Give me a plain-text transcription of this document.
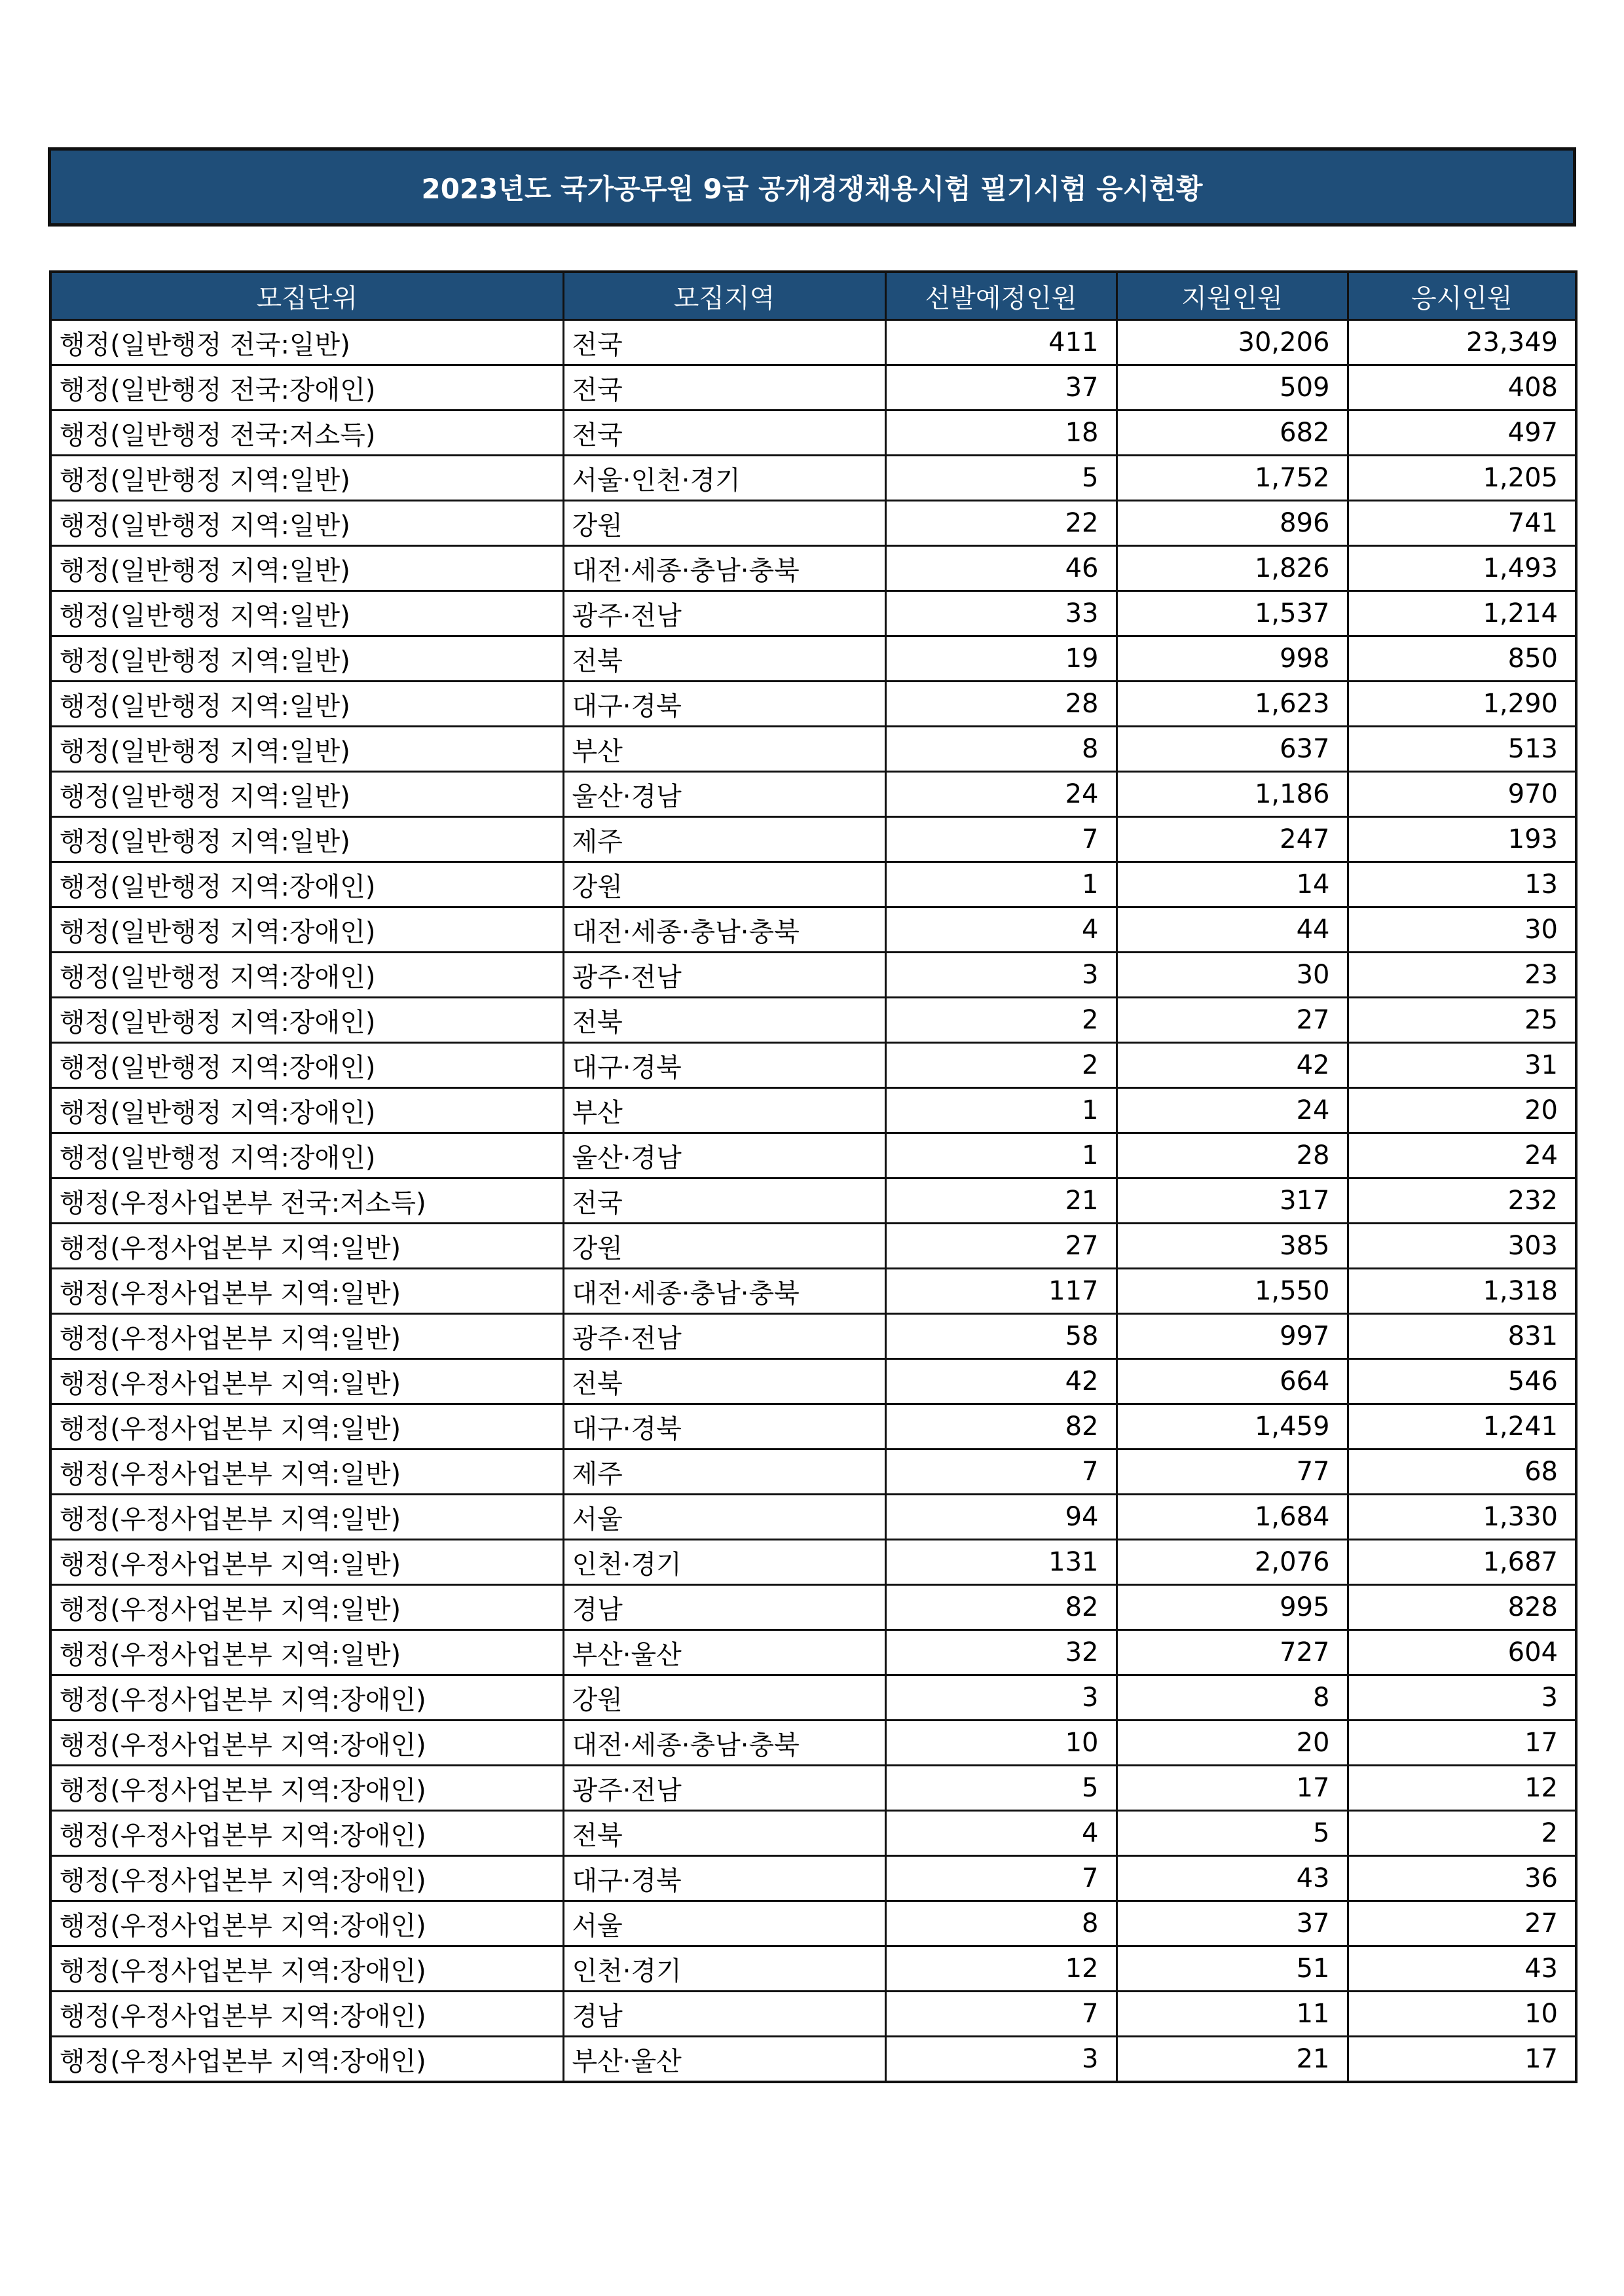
2023년도 국가공무원 9급 공개경쟁채용시험 필기시험 응시현황
모집단위	모집지역	선발예정인원	지원인원	응시인원
행정(일반행정 전국:일반)	전국	411	30,206	23,349
행정(일반행정 전국:장애인)	전국	37	509	408
행정(일반행정 전국:저소득)	전국	18	682	497
행정(일반행정 지역:일반)	서울·인천·경기	5	1,752	1,205
행정(일반행정 지역:일반)	강원	22	896	741
행정(일반행정 지역:일반)	대전·세종·충남·충북	46	1,826	1,493
행정(일반행정 지역:일반)	광주·전남	33	1,537	1,214
행정(일반행정 지역:일반)	전북	19	998	850
행정(일반행정 지역:일반)	대구·경북	28	1,623	1,290
행정(일반행정 지역:일반)	부산	8	637	513
행정(일반행정 지역:일반)	울산·경남	24	1,186	970
행정(일반행정 지역:일반)	제주	7	247	193
행정(일반행정 지역:장애인)	강원	1	14	13
행정(일반행정 지역:장애인)	대전·세종·충남·충북	4	44	30
행정(일반행정 지역:장애인)	광주·전남	3	30	23
행정(일반행정 지역:장애인)	전북	2	27	25
행정(일반행정 지역:장애인)	대구·경북	2	42	31
행정(일반행정 지역:장애인)	부산	1	24	20
행정(일반행정 지역:장애인)	울산·경남	1	28	24
행정(우정사업본부 전국:저소득)	전국	21	317	232
행정(우정사업본부 지역:일반)	강원	27	385	303
행정(우정사업본부 지역:일반)	대전·세종·충남·충북	117	1,550	1,318
행정(우정사업본부 지역:일반)	광주·전남	58	997	831
행정(우정사업본부 지역:일반)	전북	42	664	546
행정(우정사업본부 지역:일반)	대구·경북	82	1,459	1,241
행정(우정사업본부 지역:일반)	제주	7	77	68
행정(우정사업본부 지역:일반)	서울	94	1,684	1,330
행정(우정사업본부 지역:일반)	인천·경기	131	2,076	1,687
행정(우정사업본부 지역:일반)	경남	82	995	828
행정(우정사업본부 지역:일반)	부산·울산	32	727	604
행정(우정사업본부 지역:장애인)	강원	3	8	3
행정(우정사업본부 지역:장애인)	대전·세종·충남·충북	10	20	17
행정(우정사업본부 지역:장애인)	광주·전남	5	17	12
행정(우정사업본부 지역:장애인)	전북	4	5	2
행정(우정사업본부 지역:장애인)	대구·경북	7	43	36
행정(우정사업본부 지역:장애인)	서울	8	37	27
행정(우정사업본부 지역:장애인)	인천·경기	12	51	43
행정(우정사업본부 지역:장애인)	경남	7	11	10
행정(우정사업본부 지역:장애인)	부산·울산	3	21	17
